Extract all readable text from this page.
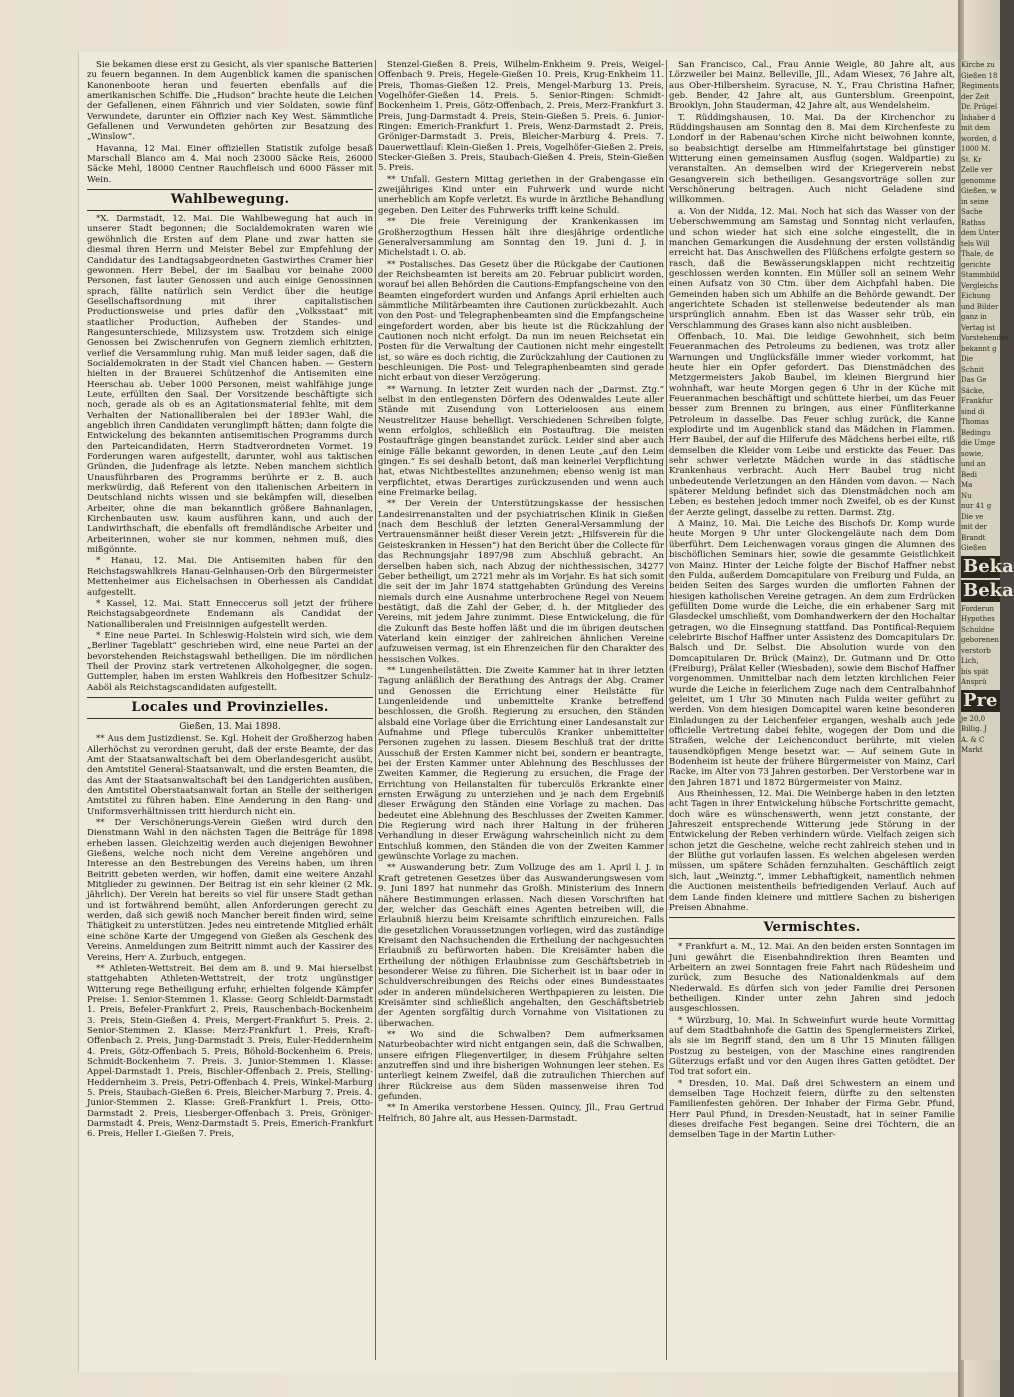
Sie bekamen diese erst zu Gesicht, als vier spanische Batterien zu feuern begannen. In dem Augenblick kamen die spanischen Kanonenboote heran und feuerten ebenfalls auf die amerikanischen Schiffe. Die „Hudson“ brachte heute die Leichen der Gefallenen, einen Fähnrich und vier Soldaten, sowie fünf Verwundete, darunter ein Offizier nach Key West. Sämmtliche Gefallenen und Verwundeten gehörten zur Besatzung des „Winslow“.

Havanna, 12 Mai. Einer offiziellen Statistik zufolge besaß Marschall Blanco am 4. Mai noch 23000 Säcke Reis, 26000 Säcke Mehl, 18000 Centner Rauchfleisch und 6000 Fässer mit Wein.

Wahlbewegung.

*X. Darmstadt, 12. Mai. Die Wahlbewegung hat auch in unserer Stadt begonnen; die Socialdemokraten waren wie gewöhnlich die Ersten auf dem Plane und zwar hatten sie diesmal ihren Herrn und Meister Bebel zur Empfehlung der Candidatur des Landtagsabgeordneten Gastwirthes Cramer hier gewonnen. Herr Bebel, der im Saalbau vor beinahe 2000 Personen, fast lauter Genossen und auch einige Genossinnen sprach, fällte natürlich sein Verdict über die heutige Gesellschaftsordnung mit ihrer capitalistischen Productionsweise und pries dafür den „Volksstaat“ mit staatlicher Production, Aufheben der Standes- und Rangesunterschiede, Milizsystem usw. Trotzdem sich einige Genossen bei Zwischenrufen von Gegnern ziemlich erhitzten, verlief die Versammlung ruhig. Man muß leider sagen, daß die Socialdemokraten in der Stadt viel Chancen haben. — Gestern hielten in der Brauerei Schützenhof die Antisemiten eine Heerschau ab. Ueber 1000 Personen, meist wahlfähige junge Leute, erfüllten den Saal. Der Vorsitzende beschäftigte sich noch, gerade als ob es an Agitationsmaterial fehlte, mit dem Verhalten der Nationalliberalen bei der 1893er Wahl, die angeblich ihren Candidaten verunglimpft hätten; dann folgte die Entwickelung des bekannten antisemitischen Programms durch den Parteicandidaten, Herrn Stadtverordneten Vormet. 19 Forderungen waren aufgestellt, darunter, wohl aus taktischen Gründen, die Judenfrage als letzte. Neben manchem sichtlich Unausführbaren des Programms berührte er z. B. auch merkwürdig, daß Referent von den italienischen Arbeitern in Deutschland nichts wissen und sie bekämpfen will, dieselben Arbeiter, ohne die man bekanntlich größere Bahnanlagen, Kirchenbauten usw. kaum ausführen kann, und auch der Landwirthschaft, die ebenfalls oft fremdländische Arbeiter und Arbeiterinnen, woher sie nur kommen, nehmen muß, dies mißgönnte.

* Hanau, 12. Mai. Die Antisemiten haben für den Reichstagswahlkreis Hanau-Gelnhausen-Orb den Bürgermeister Mettenheimer aus Eichelsachsen in Oberhessen als Candidat aufgestellt.

* Kassel, 12. Mai. Statt Enneccerus soll jetzt der frühere Reichstagsabgeordnete Endemann als Candidat der Nationalliberalen und Freisinnigen aufgestellt werden.

* Eine neue Partei. In Schleswig-Holstein wird sich, wie dem „Berliner Tageblatt“ geschrieben wird, eine neue Partei an der bevorstehenden Reichstagswahl betheiligen. Die im nördlichen Theil der Provinz stark vertretenen Alkoholgegner, die sogen. Guttempler, haben im ersten Wahlkreis den Hofbesitzer Schulz-Aaböl als Reichstagscandidaten aufgestellt.

Locales und Provinzielles.

Gießen, 13. Mai 1898.

** Aus dem Justizdienst. Se. Kgl. Hoheit der Großherzog haben Allerhöchst zu verordnen geruht, daß der erste Beamte, der das Amt der Staatsanwaltschaft bei dem Oberlandesgericht ausübt, den Amtstitel General-Staatsanwalt, und die ersten Beamten, die das Amt der Staatsanwaltschaft bei den Landgerichten ausüben, den Amtstitel Oberstaatsanwalt fortan an Stelle der seitherigen Amtstitel zu führen haben. Eine Aenderung in den Rang- und Uniformsverhältnissen tritt hierdurch nicht ein.

** Der Verschönerungs-Verein Gießen wird durch den Dienstmann Wahl in den nächsten Tagen die Beiträge für 1898 erheben lassen. Gleichzeitig werden auch diejenigen Bewohner Gießens, welche noch nicht dem Vereine angehören und Interesse an den Bestrebungen des Vereins haben, um ihren Beitritt gebeten werden, wir hoffen, damit eine weitere Anzahl Mitglieder zu gewinnen. Der Beitrag ist ein sehr kleiner (2 Mk. jährlich). Der Verein hat bereits so viel für unsere Stadt gethan und ist fortwährend bemüht, allen Anforderungen gerecht zu werden, daß sich gewiß noch Mancher bereit finden wird, seine Thätigkeit zu unterstützen. Jedes neu eintretende Mitglied erhält eine schöne Karte der Umgegend von Gießen als Geschenk des Vereins. Anmeldungen zum Beitritt nimmt auch der Kassirer des Vereins, Herr A. Zurbuch, entgegen.

** Athleten-Wettstreit. Bei dem am 8. und 9. Mai hierselbst stattgehabten Athleten-Wettstreit, der trotz ungünstiger Witterung rege Betheiligung erfuhr, erhielten folgende Kämpfer Preise: 1. Senior-Stemmen 1. Klasse: Georg Schleidt-Darmstadt 1. Preis, Befeler-Frankfurt 2. Preis, Rauschenbach-Bockenheim 3. Preis, Stein-Gießen 4. Preis, Mergert-Frankfurt 5. Preis. 2. Senior-Stemmen 2. Klasse: Merz-Frankfurt 1. Preis, Kraft-Offenbach 2. Preis, Jung-Darmstadt 3. Preis, Euler-Heddernheim 4. Preis, Götz-Offenbach 5. Preis, Böhold-Bockenheim 6. Preis, Schmidt-Bockenheim 7. Preis. 3. Junior-Stemmen 1. Klasse: Appel-Darmstadt 1. Preis, Bischler-Offenbach 2. Preis, Stelling-Heddernheim 3. Preis, Petri-Offenbach 4. Preis, Winkel-Marburg 5. Preis, Staubach-Gießen 6. Preis, Bleicher-Marburg 7. Preis. 4. Junior-Stemmen 2. Klasse: Greß-Frankfurt 1. Preis, Otto-Darmstadt 2. Preis, Liesberger-Offenbach 3. Preis, Gröniger-Darmstadt 4. Preis, Wenz-Darmstadt 5. Preis, Emerich-Frankfurt 6. Preis, Heller I.-Gießen 7. Preis,

Stenzel-Gießen 8. Preis, Wilhelm-Enkheim 9. Preis, Weigel-Offenbach 9. Preis, Hegele-Gießen 10. Preis, Krug-Enkheim 11. Preis, Thomas-Gießen 12. Preis, Mengel-Marburg 13. Preis, Vogelhöfer-Gießen 14. Preis. 5. Senior-Ringen: Schmidt-Bockenheim 1. Preis, Götz-Offenbach, 2. Preis, Merz-Frankfurt 3. Preis, Jung-Darmstadt 4. Preis, Stein-Gießen 5. Preis. 6. Junior-Ringen: Emerich-Frankfurt 1. Preis, Wenz-Darmstadt 2. Preis, Gröniger-Darmstadt 3. Preis, Bleicher-Marburg 4. Preis. 7. Dauerwettlauf: Klein-Gießen 1. Preis, Vogelhöfer-Gießen 2. Preis, Stecker-Gießen 3. Preis, Staubach-Gießen 4. Preis, Stein-Gießen 5. Preis.

** Unfall. Gestern Mittag geriethen in der Grabengasse ein zweijähriges Kind unter ein Fuhrwerk und wurde nicht unerheblich am Kopfe verletzt. Es wurde in ärztliche Behandlung gegeben. Den Leiter des Fuhrwerks trifft keine Schuld.

** Die freie Vereinigung der Krankenkassen im Großherzogthum Hessen hält ihre diesjährige ordentliche Generalversammlung am Sonntag den 19. Juni d. J. in Michelstadt i. O. ab.

** Postalisches. Das Gesetz über die Rückgabe der Cautionen der Reichsbeamten ist bereits am 20. Februar publicirt worden, worauf bei allen Behörden die Cautions-Empfangscheine von den Beamten eingefordert wurden und Anfangs April erhielten auch sämmtliche Militärbeamten ihre Cautionen zurückbezahlt. Auch von den Post- und Telegraphenbeamten sind die Empfangscheine eingefordert worden, aber bis heute ist die Rückzahlung der Cautionen noch nicht erfolgt. Da nun im neuen Reichsetat ein Posten für die Verwaltung der Cautionen nicht mehr eingestellt ist, so wäre es doch richtig, die Zurückzahlung der Cautionen zu beschleunigen. Die Post- und Telegraphenbeamten sind gerade nicht erbaut von dieser Verzögerung.

** Warnung. In letzter Zeit wurden nach der „Darmst. Ztg.“ selbst in den entlegensten Dörfern des Odenwaldes Leute aller Stände mit Zusendung von Lotterieloosen aus einem Neustrelitzer Hause behelligt. Verschiedenen Schreiben folgte, wenn erfolglos, schließlich ein Postauftrag. Die meisten Postaufträge gingen beanstandet zurück. Leider sind aber auch einige Fälle bekannt geworden, in denen Leute „auf den Leim gingen.“ Es sei deshalb betont, daß man keinerlei Verpflichtung hat, etwas Nichtbestelltes anzunehmen; ebenso wenig ist man verpflichtet, etwas Derartiges zurückzusenden und wenn auch eine Freimarke beilag.

** Der Verein der Unterstützungskasse der hessischen Landesirrenanstalten und der psychiatrischen Klinik in Gießen (nach dem Beschluß der letzten General-Versammlung der Vertrauensmänner heißt dieser Verein jetzt: „Hilfsverein für die Geisteskranken in Hessen“) hat den Bericht über die Collecte für das Rechnungsjahr 1897/98 zum Abschluß gebracht. An derselben haben sich, nach Abzug der nichthessischen, 34277 Geber betheiligt, um 2721 mehr als im Vorjahr. Es hat sich somit die seit der im Jahr 1874 stattgehabten Gründung des Vereins niemals durch eine Ausnahme unterbrochene Regel von Neuem bestätigt, daß die Zahl der Geber, d. h. der Mitglieder des Vereins, mit jedem Jahre zunimmt. Diese Entwickelung, die für die Zukunft das Beste hoffen läßt und die im übrigen deutschen Vaterland kein einziger der zahlreichen ähnlichen Vereine aufzuweisen vermag, ist ein Ehrenzeichen für den Charakter des hessischen Volkes.

** Lungenheilstätten. Die Zweite Kammer hat in ihrer letzten Tagung anläßlich der Berathung des Antrags der Abg. Cramer und Genossen die Errichtung einer Heilstätte für Lungenleidende und unbemittelte Kranke betreffend beschlossen, die Großh. Regierung zu ersuchen, den Ständen alsbald eine Vorlage über die Errichtung einer Landesanstalt zur Aufnahme und Pflege tuberculös Kranker unbemittelter Personen zugehen zu lassen. Diesem Beschluß trat der dritte Ausschuß der Ersten Kammer nicht bei, sondern er beantragte, bei der Ersten Kammer unter Ablehnung des Beschlusses der Zweiten Kammer, die Regierung zu ersuchen, die Frage der Errichtung von Heilanstalten für tuberculös Erkrankte einer ernsten Erwägung zu unterziehen und je nach dem Ergebniß dieser Erwägung den Ständen eine Vorlage zu machen. Das bedeutet eine Ablehnung des Beschlusses der Zweiten Kammer. Die Regierung wird nach ihrer Haltung in der früheren Verhandlung in dieser Erwägung wahrscheinlich nicht zu dem Entschluß kommen, den Ständen die von der Zweiten Kammer gewünschte Vorlage zu machen.

** Auswanderung betr. Zum Vollzuge des am 1. April l. J. in Kraft getretenen Gesetzes über das Auswanderungswesen vom 9. Juni 1897 hat nunmehr das Großh. Ministerium des Innern nähere Bestimmungen erlassen. Nach diesen Vorschriften hat der, welcher das Geschäft eines Agenten betreiben will, die Erlaubniß hierzu beim Kreisamte schriftlich einzureichen. Falls die gesetzlichen Voraussetzungen vorliegen, wird das zuständige Kreisamt den Nachsuchenden die Ertheilung der nachgesuchten Erlaubniß zu befürworten haben. Die Kreisämter haben die Ertheilung der nöthigen Erlaubnisse zum Geschäftsbetrieb in besonderer Weise zu führen. Die Sicherheit ist in baar oder in Schuldverschreibungen des Reichs oder eines Bundesstaates oder in anderen mündelsicheren Werthpapieren zu leisten. Die Kreisämter sind schließlich angehalten, den Geschäftsbetrieb der Agenten sorgfältig durch Vornahme von Visitationen zu überwachen.

** Wo sind die Schwalben? Dem aufmerksamen Naturbeobachter wird nicht entgangen sein, daß die Schwalben, unsere eifrigen Fliegenvertilger, in diesem Frühjahre selten anzutreffen sind und ihre bisherigen Wohnungen leer stehen. Es unterliegt keinem Zweifel, daß die zutraulichen Thierchen auf ihrer Rückreise aus dem Süden massenweise ihren Tod gefunden.

** In Amerika verstorbene Hessen. Quincy, Jll., Frau Gertrud Helfrich, 80 Jahre alt, aus Hessen-Darmstadt.

San Francisco, Cal., Frau Annie Weigle, 80 Jahre alt, aus Lörzweiler bei Mainz. Belleville, Jll., Adam Wiesex, 76 Jahre alt, aus Ober-Hilbersheim. Syracuse, N. Y., Frau Christina Hafner, geb. Bender, 42 Jahre alt, aus Guntersblum. Greenpoint, Brooklyn, John Stauderman, 42 Jahre alt, aus Wendelsheim.

T. Rüddingshausen, 10. Mai. Da der Kirchenchor zu Rüddingshausen am Sonntag den 8. Mai dem Kirchenfeste zu Londorf in der Rabenau'schen Kirche nicht beiwohnen konnte, so beabsichtigt derselbe am Himmelfahrtstage bei günstiger Witterung einen gemeinsamen Ausflug (sogen. Waldpartie) zu veranstalten. An demselben wird der Kriegerverein nebst Gesangverein sich betheiligen. Gesangsvorträge sollen zur Verschönerung beitragen. Auch nicht Geladene sind willkommen.

a. Von der Nidda, 12. Mai. Noch hat sich das Wasser von der Ueberschwemmung am Samstag und Sonntag nicht verlaufen, und schon wieder hat sich eine solche eingestellt, die in manchen Gemarkungen die Ausdehnung der ersten vollständig erreicht hat. Das Anschwellen des Flüßchens erfolgte gestern so rasch, daß die Bewässerungsklappen nicht rechtzeitig geschlossen werden konnten. Ein Müller soll an seinem Wehr einen Aufsatz von 30 Ctm. über dem Aichpfahl haben. Die Gemeinden haben sich um Abhilfe an die Behörde gewandt. Der angerichtete Schaden ist stellenweise bedeutender als man ursprünglich annahm. Eben ist das Wasser sehr trüb, ein Verschlammung des Grases kann also nicht ausbleiben.

Offenbach, 10. Mai. Die leidige Gewohnheit, sich beim Feueranmachen des Petroleums zu bedienen, was trotz aller Warnungen und Unglücksfälle immer wieder vorkommt, hat heute hier ein Opfer gefordert. Das Dienstmädchen des Metzgermeisters Jakob Baubel, im kleinen Biergrund hier wohnhaft, war heute Morgen gegen 6 Uhr in der Küche mit Feueranmachen beschäftigt und schüttete hierbei, um das Feuer besser zum Brennen zu bringen, aus einer Fünfliterkanne Petroleum in dasselbe. Das Feuer schlug zurück, die Kanne explodirte und im Augenblick stand das Mädchen in Flammen. Herr Baubel, der auf die Hilferufe des Mädchens herbei eilte, riß demselben die Kleider vom Leibe und erstickte das Feuer. Das sehr schwer verletzte Mädchen wurde in das städtische Krankenhaus verbracht. Auch Herr Baubel trug nicht unbedeutende Verletzungen an den Händen vom davon. — Nach späterer Meldung befindet sich das Dienstmädchen noch am Leben; es bestehen jedoch immer noch Zweifel, ob es der Kunst der Aerzte gelingt, dasselbe zu retten. Darmst. Ztg.

Δ Mainz, 10. Mai. Die Leiche des Bischofs Dr. Komp wurde heute Morgen 9 Uhr unter Glockengeläute nach dem Dom überführt. Dem Leichenwagen voraus gingen die Alumnen des bischöflichen Seminars hier, sowie die gesammte Geistlichkeit von Mainz. Hinter der Leiche folgte der Bischof Haffner nebst den Fulda, außerdem Domcapitulare von Freiburg und Fulda, an beiden Seiten des Sarges wurden die umflorten Fahnen der hiesigen katholischen Vereine getragen. An dem zum Erdrücken gefüllten Dome wurde die Leiche, die ein erhabener Sarg mit Glasdeckel umschließt, vom Domhandwerkern der den Hochaltar getragen, wo die Einsegnung stattfand. Das Pontifical-Requiem celebrirte Bischof Haffner unter Assistenz des Domcapitulars Dr. Balsch und Dr. Selbst. Die Absolution wurde von den Domcapitularen Dr. Brück (Mainz), Dr. Gutmann und Dr. Otto (Freiburg), Prälat Keller (Wiesbaden), sowie dem Bischof Haffner vorgenommen. Unmittelbar nach dem letzten kirchlichen Feier wurde die Leiche in feierlichem Zuge nach dem Centralbahnhof geleitet, um 1 Uhr 30 Minuten nach Fulda weiter geführt zu werden. Von dem hiesigen Domcapitel waren keine besonderen Einladungen zu der Leichenfeier ergangen, weshalb auch jede officielle Vertretung dabei fehlte, wogegen der Dom und die Straßen, welche der Leichenconduct berührte, mit vielen tausendköpfigen Menge besetzt war. — Auf seinem Gute in Bodenheim ist heute der frühere Bürgermeister von Mainz, Carl Racke, im Alter von 73 Jahren gestorben. Der Verstorbene war in den Jahren 1871 und 1872 Bürgermeister von Mainz.

Aus Rheinhessen, 12. Mai. Die Weinberge haben in den letzten acht Tagen in ihrer Entwickelung hübsche Fortschritte gemacht, doch wäre es wünschenswerth, wenn jetzt constante, der Jahreszeit entsprechende Witterung jede Störung in der Entwickelung der Reben verhindern würde. Vielfach zeigen sich schon jetzt die Gescheine, welche recht zahlreich stehen und in der Blüthe gut vorlaufen lassen. Es welchen abgelesen werden müssen, um spätere Schäden fernzuhalten. Geschäftlich zeigt sich, laut „Weinztg.“, immer Lebhaftigkeit, namentlich nehmen die Auctionen meistentheils befriedigenden Verlauf. Auch auf dem Lande finden kleinere und mittlere Sachen zu bisherigen Preisen Abnahme.

Vermischtes.

* Frankfurt a. M., 12. Mai. An den beiden ersten Sonntagen im Juni gewährt die Eisenbahndirektion ihren Beamten und Arbeitern an zwei Sonntagen freie Fahrt nach Rüdesheim und zurück, zum Besuche des Nationaldenkmals auf dem Niederwald. Es dürfen sich von jeder Familie drei Personen betheiligen. Kinder unter zehn Jahren sind jedoch ausgeschlossen.

* Würzburg, 10. Mai. In Schweinfurt wurde heute Vormittag auf dem Stadtbahnhofe die Gattin des Spenglermeisters Zirkel, als sie im Begriff stand, den um 8 Uhr 15 Minuten fälligen Postzug zu besteigen, von der Maschine eines rangirenden Güterzugs erfaßt und vor den Augen ihres Gatten getödtet. Der Tod trat sofort ein.

* Dresden, 10. Mai. Daß drei Schwestern an einem und demselben Tage Hochzeit feiern, dürfte zu den seltensten Familienfesten gehören. Der Inhaber der Firma Gebr. Pfund, Herr Paul Pfund, in Dresden-Neustadt, hat in seiner Familie dieses dreifache Fest begangen. Seine drei Töchtern, die an demselben Tage in der Martin Luther-

Kirche zu
Gießen 18
Regiments
der Zeit
Dr. Prügel
Inhaber d
mit dem
worden, d
1000 M.
St. Kr
Zelle ver
genomme
Gießen, w
in seine
Sache
Rathss
dem Unter
tels Will
Thale, de
gerichte
Stammbild
Vergleichs
Eichung
und Bilder
ganz in
Vertag ist
Vorstehendes
bekannt g
Die
Schnit
Das Ge
Säcke,
Frankfur
sind di
Thomas
Bedingu
die Umge
sowie,
und an
Bedi
Ma
Nu
nur 41 g
Die ve
mit der
Brandt
Gießen
Beka
Beka
Forderun
Hypothes
Schuldne
geborenen
verstorb
Lich,
bis spät
Ansprü
Pre
je 20,0
Billig. J
A. & C
Markt
